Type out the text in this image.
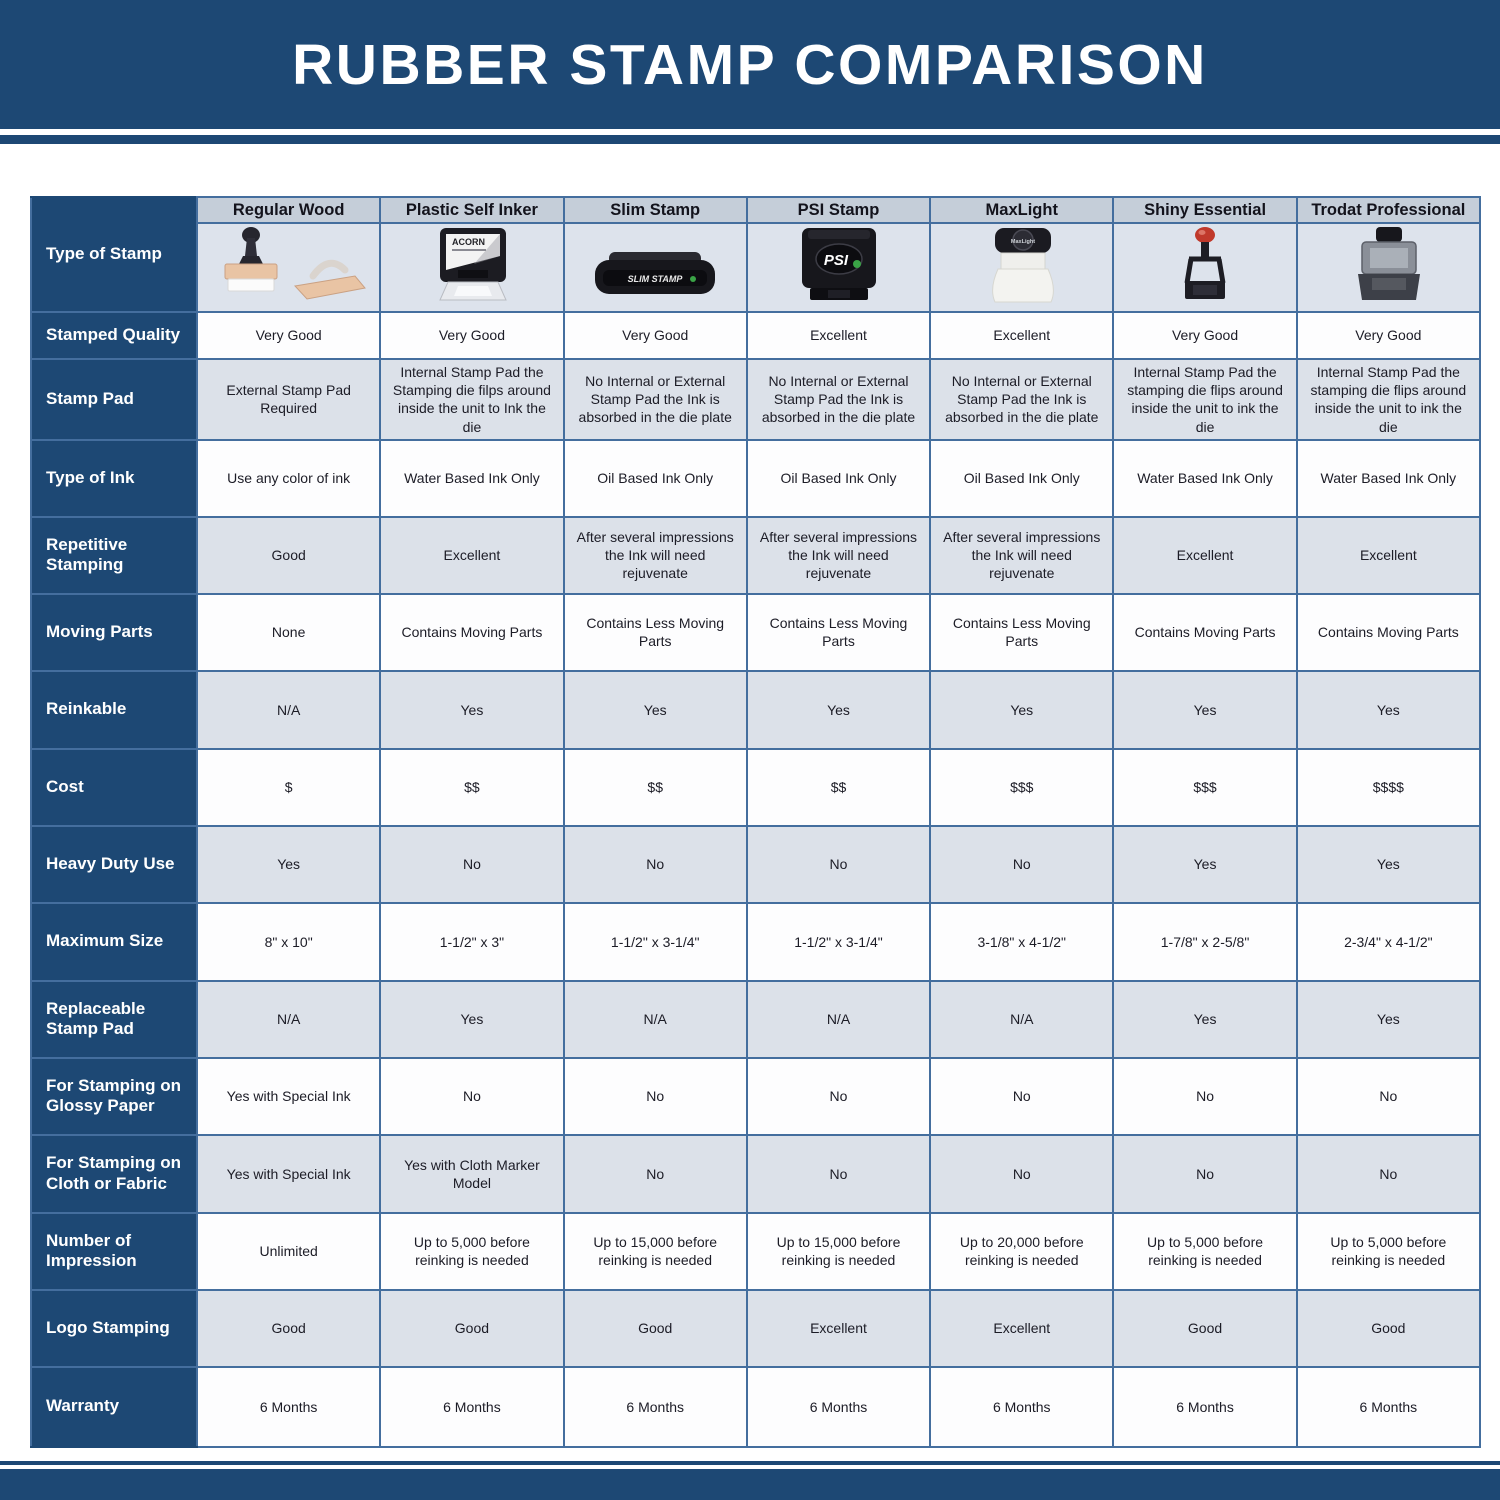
RUBBER STAMP COMPARISON
Type of Stamp	Regular Wood	Plastic Self Inker	Slim Stamp	PSI Stamp	MaxLight	Shiny Essential	Trodat Professional

ACORN	SLIM STAMP	PSI	MaxLight

Stamped Quality	Very Good	Very Good	Very Good	Excellent	Excellent	Very Good	Very Good
Stamp Pad	External Stamp Pad Required	Internal Stamp Pad the Stamping die filps around inside the unit to Ink the die	No Internal or External Stamp Pad the Ink is absorbed in the die plate	No Internal or External Stamp Pad the Ink is absorbed in the die plate	No Internal or External Stamp Pad the Ink is absorbed in the die plate	Internal Stamp Pad the stamping die flips around inside the unit to ink the die	Internal Stamp Pad the stamping die flips around inside the unit to ink the die
Type of Ink	Use any color of ink	Water Based Ink Only	Oil Based Ink Only	Oil Based Ink Only	Oil Based Ink Only	Water Based Ink Only	Water Based Ink Only
Repetitive Stamping	Good	Excellent	After several impressions the Ink will need rejuvenate	After several impressions the Ink will need rejuvenate	After several impressions the Ink will need rejuvenate	Excellent	Excellent
Moving Parts	None	Contains Moving Parts	Contains Less Moving Parts	Contains Less Moving Parts	Contains Less Moving Parts	Contains Moving Parts	Contains Moving Parts
Reinkable	N/A	Yes	Yes	Yes	Yes	Yes	Yes
Cost	$	$$	$$	$$	$$$	$$$	$$$$
Heavy Duty Use	Yes	No	No	No	No	Yes	Yes
Maximum Size	8" x 10"	1-1/2" x 3"	1-1/2" x 3-1/4"	1-1/2" x 3-1/4"	3-1/8" x 4-1/2"	1-7/8" x 2-5/8"	2-3/4" x 4-1/2"
Replaceable Stamp Pad	N/A	Yes	N/A	N/A	N/A	Yes	Yes
For Stamping on Glossy Paper	Yes with Special Ink	No	No	No	No	No	No
For Stamping on Cloth or Fabric	Yes with Special Ink	Yes with Cloth Marker Model	No	No	No	No	No
Number of Impression	Unlimited	Up to 5,000 before reinking is needed	Up to 15,000 before reinking is needed	Up to 15,000 before reinking is needed	Up to 20,000 before reinking is needed	Up to 5,000 before reinking is needed	Up to 5,000 before reinking is needed
Logo Stamping	Good	Good	Good	Excellent	Excellent	Good	Good
Warranty	6 Months	6 Months	6 Months	6 Months	6 Months	6 Months	6 Months
